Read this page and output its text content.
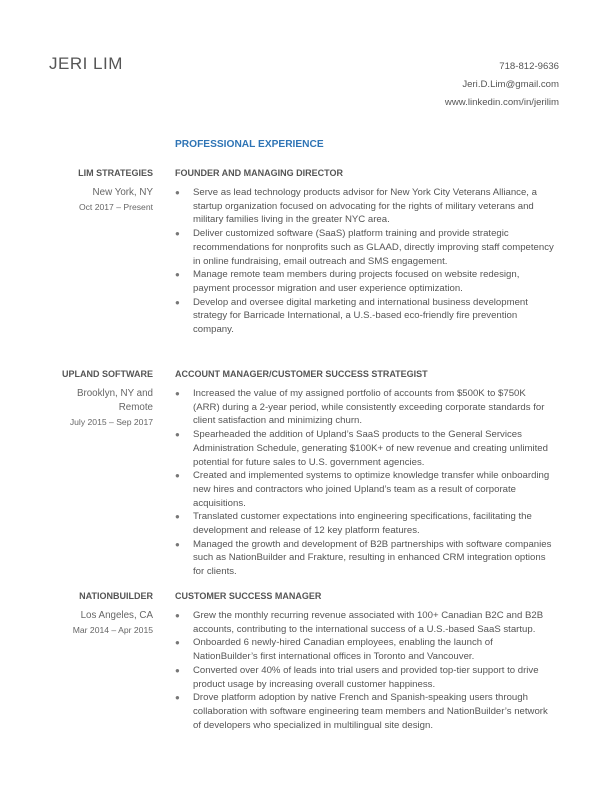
JERI LIM	718-812-9636
Jeri.D.Lim@gmail.com
www.linkedin.com/in/jerilim
PROFESSIONAL EXPERIENCE
LIM STRATEGIES FOUNDER AND MANAGING DIRECTOR
New York, NY
Oct 2017 – Present
● Serve as lead technology products advisor for New York City Veterans Alliance, a startup organization focused on advocating for the rights of military veterans and military families living in the greater NYC area.
● Deliver customized software (SaaS) platform training and provide strategic recommendations for nonprofits such as GLAAD, directly improving staff competency in online fundraising, email outreach and SMS engagement.
● Manage remote team members during projects focused on website redesign, payment processor migration and user experience optimization.
● Develop and oversee digital marketing and international business development strategy for Barricade International, a U.S.-based eco-friendly fire prevention company.
UPLAND SOFTWARE ACCOUNT MANAGER/CUSTOMER SUCCESS STRATEGIST
Brooklyn, NY and Remote
July 2015 – Sep 2017
● Increased the value of my assigned portfolio of accounts from $500K to $750K (ARR) during a 2-year period, while consistently exceeding corporate standards for client satisfaction and minimizing churn.
● Spearheaded the addition of Upland’s SaaS products to the General Services Administration Schedule, generating $100K+ of new revenue and creating unlimited potential for future sales to U.S. government agencies.
● Created and implemented systems to optimize knowledge transfer while onboarding new hires and contractors who joined Upland’s team as a result of corporate acquisitions.
● Translated customer expectations into engineering specifications, facilitating the development and release of 12 key platform features.
● Managed the growth and development of B2B partnerships with software companies such as NationBuilder and Frakture, resulting in enhanced CRM integration options for clients.
NATIONBUILDER CUSTOMER SUCCESS MANAGER
Los Angeles, CA
Mar 2014 – Apr 2015
● Grew the monthly recurring revenue associated with 100+ Canadian B2C and B2B accounts, contributing to the international success of a U.S.-based SaaS startup.
● Onboarded 6 newly-hired Canadian employees, enabling the launch of NationBuilder’s first international offices in Toronto and Vancouver.
● Converted over 40% of leads into trial users and provided top-tier support to drive product usage by increasing overall customer happiness.
● Drove platform adoption by native French and Spanish-speaking users through collaboration with software engineering team members and NationBuilder’s network of developers who specialized in multilingual site design.
